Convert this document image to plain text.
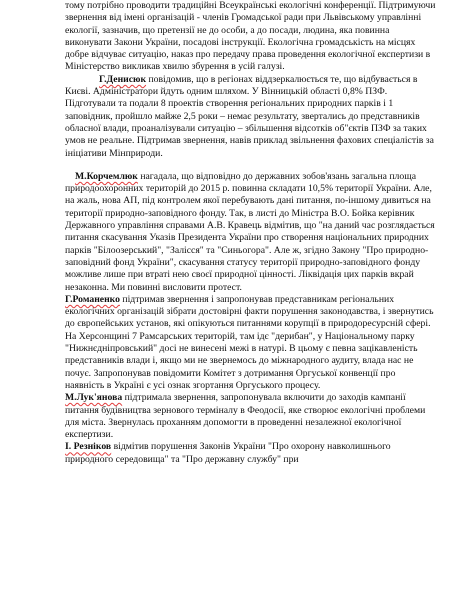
тому потрібно проводити традиційні Всеукраїнські екологічні конференції. Підтримуючи звернення від імені організацій - членів Громадської ради при Львівському управлінні екології, зазначив, що претензії не до особи, а до посади, людина, яка повинна виконувати Закони України, посадові інструкції. Екологічна громадськість на місцях добре відчуває ситуацію, наказ про передачу права проведення екологічної експертизи в Міністерство викликав хвилю збурення в усій галузі.

Г.Денисюк повідомив, що в регіонах віддзеркалюється те, що відбувається в Києві. Адміністратори йдуть одним шляхом. У Вінницькій області 0,8% ПЗФ. Підготували та подали 8 проектів створення регіональних природних парків і 1 заповідник, пройшло майже 2,5 роки – немає результату, звертались до представників обласної влади, проаналізували ситуацію – збільшення відсотків об"єктів ПЗФ за таких умов не реальне. Підтримав звернення, навів приклад звільнення фахових спеціалістів за ініціативи Мінприроди.

М.Корчемлюк нагадала, що відповідно до державних зобов'язань загальна площа природоохоронних територій до 2015 р. повинна складати 10,5% території України. Але, на жаль, нова АП, під контролем якої перебувають дані питання, по-іншому дивиться на території природно-заповідного фонду. Так, в листі до Міністра В.О. Бойка керівник Державного управління справами А.В. Кравець відмітив, що "на даний час розглядається питання скасування Указів Президента України про створення національних природних парків "Білоозерський", "Залісся" та "Синьогора". Але ж, згідно Закону "Про природно-заповідний фонд України", скасування статусу території природно-заповідного фонду можливе лише при втраті нею своєї природної цінності. Ліквідація цих парків вкрай незаконна. Ми повинні висловити протест.

Г.Романенко підтримав звернення і запропонував представникам регіональних екологічних організацій зібрати достовірні факти порушення законодавства, і звернутись до європейських установ, які опікуються питаннями корупції в природоресурсній сфері. На Херсонщині 7 Рамсарських територій, там ідє "дерибан", у Національному парку "Нижнєдніпровський" досі не винесені межі в натурі. В цьому є певна зацікавленість представників влади і, якщо ми не звернемось до міжнародного аудиту, влада нас не почує. Запропонував повідомити Комітет з дотримання Оргуської конвенції про наявність в Україні є усі ознак згортання Оргуського процесу.

М.Лук'янова підтримала звернення, запропонувала включити до заходів кампанії питання будівництва зернового терміналу в Феодосії, яке створює екологічні проблеми для міста. Звернулась проханням допомогти в проведенні незалежної екологічної експертизи.

І. Резніков відмітив порушення Законів України "Про охорону навколишнього природного середовища" та "Про державну службу" при
